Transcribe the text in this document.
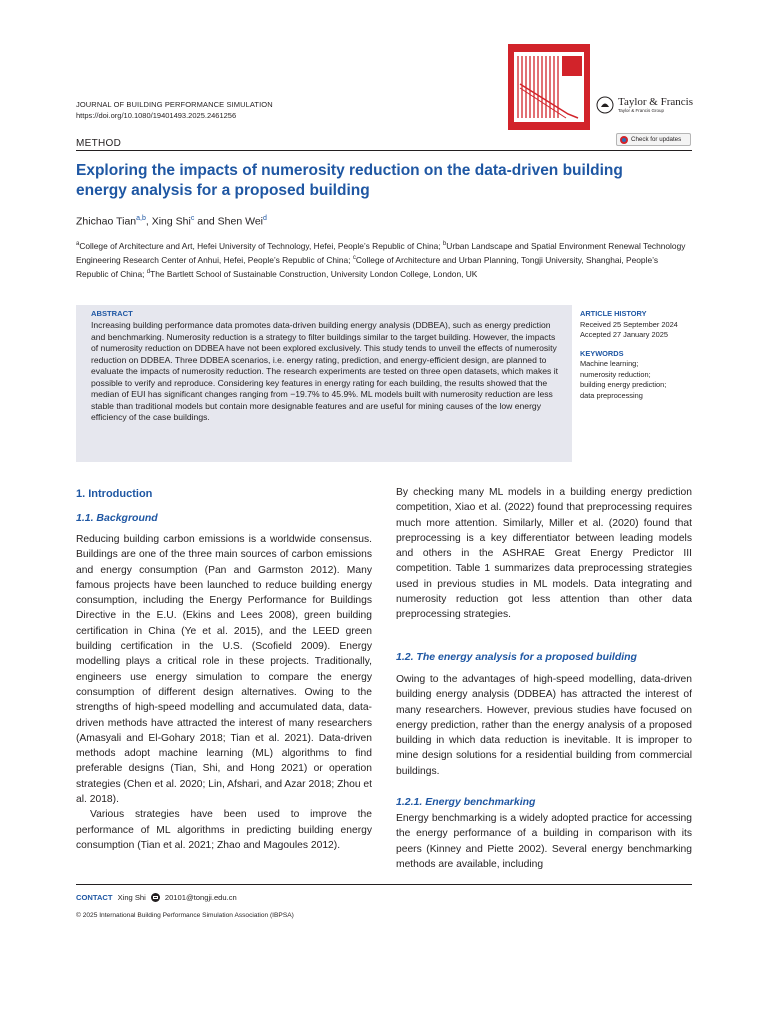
JOURNAL OF BUILDING PERFORMANCE SIMULATION
https://doi.org/10.1080/19401493.2025.2461256
Taylor & Francis
Taylor & Francis Group
METHOD	Check for updates
Exploring the impacts of numerosity reduction on the data-driven building energy analysis for a proposed building
Zhichao Tian$^{a,b}$, Xing Shi$^c$ and Shen Wei$^d$
$^a$College of Architecture and Art, Hefei University of Technology, Hefei, People’s Republic of China; $^b$Urban Landscape and Spatial Environment Renewal Technology Engineering Research Center of Anhui, Hefei, People’s Republic of China; $^c$College of Architecture and Urban Planning, Tongji University, Shanghai, People’s Republic of China; $^d$The Bartlett School of Sustainable Construction, University London College, London, UK
ABSTRACT
Increasing building performance data promotes data-driven building energy analysis (DDBEA), such as energy prediction and benchmarking. Numerosity reduction is a strategy to filter buildings similar to the target building. However, the impacts of numerosity reduction on DDBEA have not been explored exclusively. This study tends to unveil the effects of numerosity reduction on DDBEA. Three DDBEA scenarios, i.e. energy rating, prediction, and energy-efficient design, are planned to evaluate the impacts of numerosity reduction. The research experiments are tested on three open datasets, which makes it possible to verify and reproduce. Considering key features in energy rating for each building, the results showed that the median of EUI has significant changes ranging from −19.7% to 45.9%. ML models built with numerosity reduction are less stable than traditional models but contain more designable features and are useful for mining causes of the low energy efficiency of the case buildings.
ARTICLE HISTORY
Received 25 September 2024
Accepted 27 January 2025
KEYWORDS
Machine learning;
numerosity reduction;
building energy prediction;
data preprocessing
1. Introduction
1.1. Background
Reducing building carbon emissions is a worldwide consensus. Buildings are one of the three main sources of carbon emissions and energy consumption (Pan and Garmston 2012). Many famous projects have been launched to reduce building energy consumption, including the Energy Performance for Buildings Directive in the E.U. (Ekins and Lees 2008), green building certification in China (Ye et al. 2015), and the LEED green building certification in the U.S. (Scofield 2009). Energy modelling plays a critical role in these projects. Traditionally, engineers use energy simulation to compare the energy consumption of different design alternatives. Owing to the strengths of high-speed modelling and accumulated data, data-driven methods have attracted the interest of many researchers (Amasyali and El-Gohary 2018; Tian et al. 2021). Data-driven methods adopt machine learning (ML) algorithms to find preferable designs (Tian, Shi, and Hong 2021) or operation strategies (Chen et al. 2020; Lin, Afshari, and Azar 2018; Zhou et al. 2018).
Various strategies have been used to improve the performance of ML algorithms in predicting building energy consumption (Tian et al. 2021; Zhao and Magoules 2012).
By checking many ML models in a building energy prediction competition, Xiao et al. (2022) found that preprocessing requires much more attention. Similarly, Miller et al. (2020) found that preprocessing is a key differentiator between leading models and others in the ASHRAE Great Energy Predictor III competition. Table 1 summarizes data preprocessing strategies used in previous studies in ML models. Data integrating and numerosity reduction got less attention than other data preprocessing strategies.
1.2. The energy analysis for a proposed building
Owing to the advantages of high-speed modelling, data-driven building energy analysis (DDBEA) has attracted the interest of many researchers. However, previous studies have focused on energy prediction, rather than the energy analysis of a proposed building in which data reduction is inevitable. It is improper to mine design solutions for a residential building from commercial buildings.
1.2.1. Energy benchmarking
Energy benchmarking is a widely adopted practice for accessing the energy performance of a building in comparison with its peers (Kinney and Piette 2002). Several energy benchmarking methods are available, including
CONTACT Xing Shi	20101@tongji.edu.cn
© 2025 International Building Performance Simulation Association (IBPSA)
